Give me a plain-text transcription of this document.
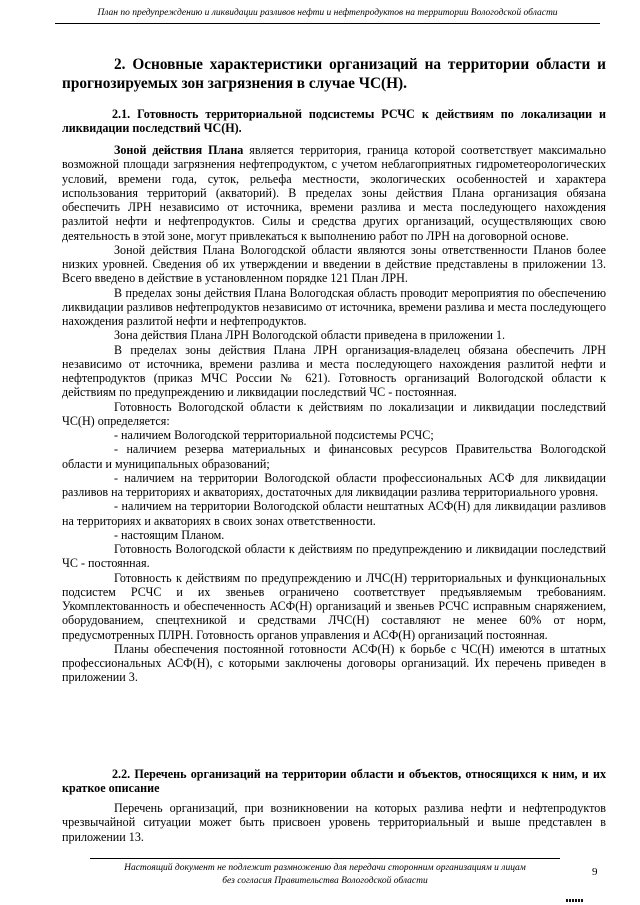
План по предупреждению и ликвидации разливов нефти и нефтепродуктов на территории Вологодской области
2. Основные характеристики организаций на территории области и прогнозируемых зон загрязнения в случае ЧС(Н).
2.1. Готовность территориальной подсистемы РСЧС к действиям по локализации и ликвидации последствий ЧС(Н).

Зоной действия Плана является территория, граница которой соответствует максимально возможной площади загрязнения нефтепродуктом, с учетом неблагоприятных гидрометеорологических условий, времени года, суток, рельефа местности, экологических особенностей и характера использования территорий (акваторий). В пределах зоны действия Плана организация обязана обеспечить ЛРН независимо от источника, времени разлива и места последующего нахождения разлитой нефти и нефтепродуктов. Силы и средства других организаций, осуществляющих свою деятельность в этой зоне, могут привлекаться к выполнению работ по ЛРН на договорной основе.

Зоной действия Плана Вологодской области являются зоны ответственности Планов более низких уровней. Сведения об их утверждении и введении в действие представлены в приложении 13. Всего введено в действие в установленном порядке 121 План ЛРН.

В пределах зоны действия Плана Вологодская область проводит мероприятия по обеспечению ликвидации разливов нефтепродуктов независимо от источника, времени разлива и места последующего нахождения разлитой нефти и нефтепродуктов.

Зона действия Плана ЛРН Вологодской области приведена в приложении 1.

В пределах зоны действия Плана ЛРН организация-владелец обязана обеспечить ЛРН независимо от источника, времени разлива и места последующего нахождения разлитой нефти и нефтепродуктов (приказ МЧС России № 621). Готовность организаций Вологодской области к действиям по предупреждению и ликвидации последствий ЧС - постоянная.

Готовность Вологодской области к действиям по локализации и ликвидации последствий ЧС(Н) определяется:

- наличием Вологодской территориальной подсистемы РСЧС;

- наличием резерва материальных и финансовых ресурсов Правительства Вологодской области и муниципальных образований;

- наличием на территории Вологодской области профессиональных АСФ для ликвидации разливов на территориях и акваториях, достаточных для ликвидации разлива территориального уровня.

- наличием на территории Вологодской области нештатных АСФ(Н) для ликвидации разливов на территориях и акваториях в своих зонах ответственности.

- настоящим Планом.

Готовность Вологодской области к действиям по предупреждению и ликвидации последствий ЧС - постоянная.

Готовность к действиям по предупреждению и ЛЧС(Н) территориальных и функциональных подсистем РСЧС и их звеньев ограничено соответствует предъявляемым требованиям. Укомплектованность и обеспеченность АСФ(Н) организаций и звеньев РСЧС исправным снаряжением, оборудованием, спецтехникой и средствами ЛЧС(Н) составляют не менее 60% от норм, предусмотренных ПЛРН. Готовность органов управления и АСФ(Н) организаций постоянная.

Планы обеспечения постоянной готовности АСФ(Н) к борьбе с ЧС(Н) имеются в штатных профессиональных АСФ(Н), с которыми заключены договоры организаций. Их перечень приведен в приложении 3.

2.2. Перечень организаций на территории области и объектов, относящихся к ним, и их краткое описание

Перечень организаций, при возникновении на которых разлива нефти и нефтепродуктов чрезвычайной ситуации может быть присвоен уровень территориальный и выше представлен в приложении 13.

Настоящий документ не подлежит размножению для передачи сторонним организациям и лицам
без согласия Правительства Вологодской области
9
